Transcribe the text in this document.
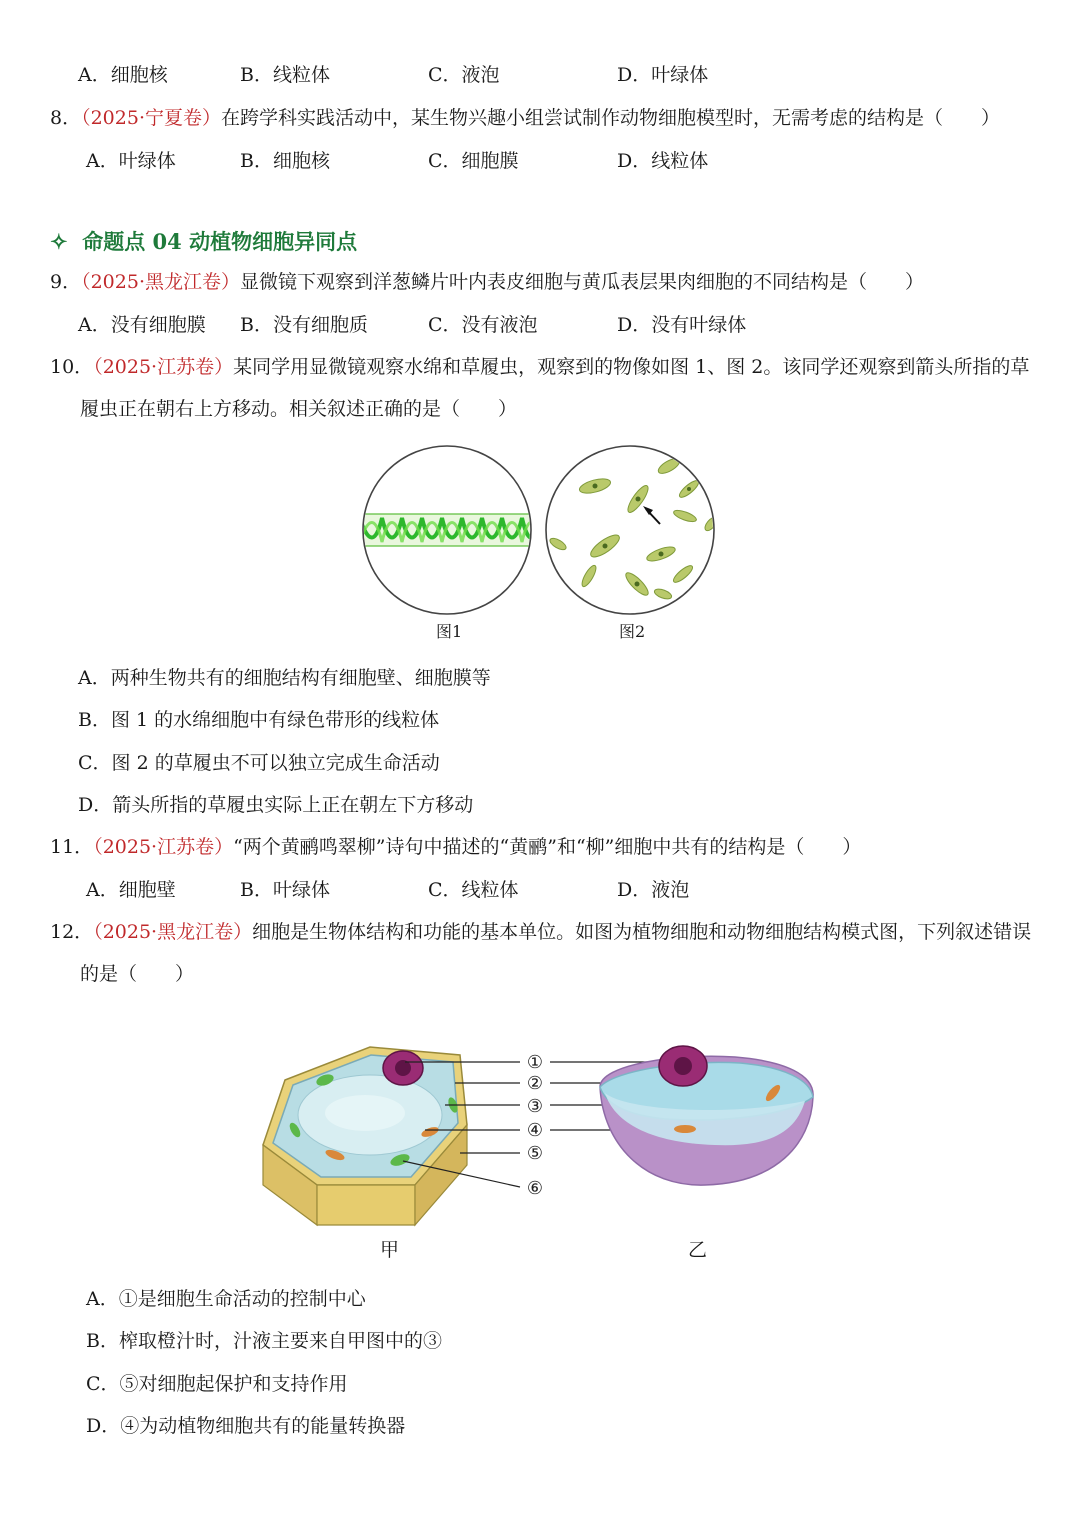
A．细胞核	B．线粒体	C．液泡	D．叶绿体
8．（2025·宁夏卷）在跨学科实践活动中，某生物兴趣小组尝试制作动物细胞模型时，无需考虑的结构是（　　）
A．叶绿体	B．细胞核	C．细胞膜	D．线粒体
✧ 命题点 04 动植物细胞异同点
9．（2025·黑龙江卷）显微镜下观察到洋葱鳞片叶内表皮细胞与黄瓜表层果肉细胞的不同结构是（　　）
A．没有细胞膜 B．没有细胞质	C．没有液泡	D．没有叶绿体
10．（2025·江苏卷）某同学用显微镜观察水绵和草履虫，观察到的物像如图 1、图 2。该同学还观察到箭头所指的草
履虫正在朝右上方移动。相关叙述正确的是（　　）
图1	图2
A．两种生物共有的细胞结构有细胞壁、细胞膜等
B．图 1 的水绵细胞中有绿色带形的线粒体
C．图 2 的草履虫不可以独立完成生命活动
D．箭头所指的草履虫实际上正在朝左下方移动
11．（2025·江苏卷）“两个黄鹂鸣翠柳”诗句中描述的“黄鹂”和“柳”细胞中共有的结构是（　　）
A．细胞壁	B．叶绿体	C．线粒体	D．液泡
12．（2025·黑龙江卷）细胞是生物体结构和功能的基本单位。如图为植物细胞和动物细胞结构模式图，下列叙述错误
的是（　　）
①
②
③
④
⑤
⑥
甲	乙
A．①是细胞生命活动的控制中心
B．榨取橙汁时，汁液主要来自甲图中的③
C．⑤对细胞起保护和支持作用
D．④为动植物细胞共有的能量转换器
